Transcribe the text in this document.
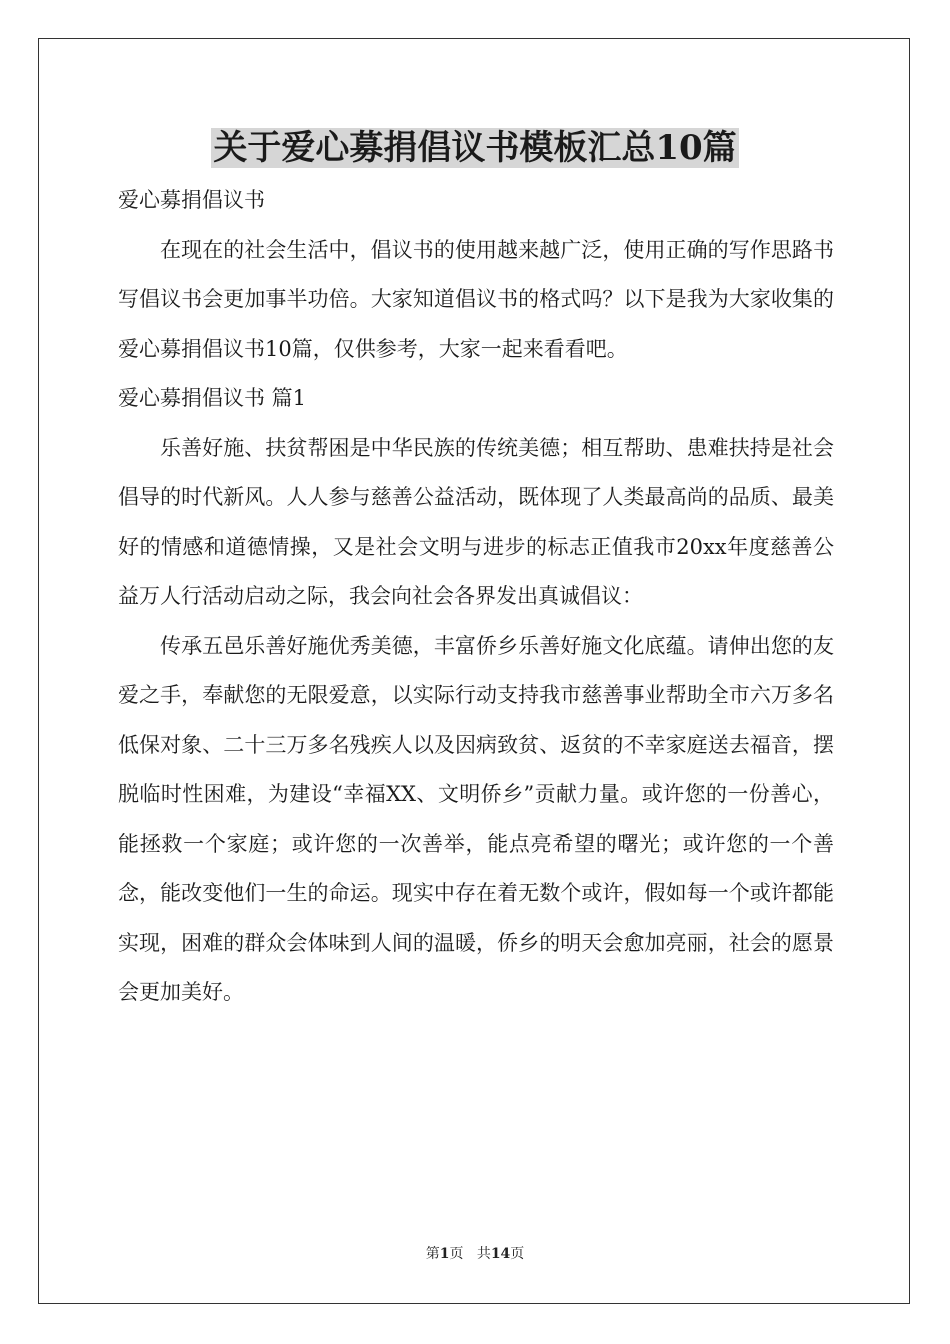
关于爱心募捐倡议书模板汇总10篇

爱心募捐倡议书

在现在的社会生活中，倡议书的使用越来越广泛，使用正确的写作思路书写倡议书会更加事半功倍。大家知道倡议书的格式吗？以下是我为大家收集的爱心募捐倡议书10篇，仅供参考，大家一起来看看吧。

爱心募捐倡议书 篇1

乐善好施、扶贫帮困是中华民族的传统美德；相互帮助、患难扶持是社会倡导的时代新风。人人参与慈善公益活动，既体现了人类最高尚的品质、最美好的情感和道德情操，又是社会文明与进步的标志正值我市20xx年度慈善公益万人行活动启动之际，我会向社会各界发出真诚倡议：

传承五邑乐善好施优秀美德，丰富侨乡乐善好施文化底蕴。请伸出您的友爱之手，奉献您的无限爱意，以实际行动支持我市慈善事业帮助全市六万多名低保对象、二十三万多名残疾人以及因病致贫、返贫的不幸家庭送去福音，摆脱临时性困难，为建设“幸福XX、文明侨乡”贡献力量。或许您的一份善心，能拯救一个家庭；或许您的一次善举，能点亮希望的曙光；或许您的一个善念，能改变他们一生的命运。现实中存在着无数个或许，假如每一个或许都能实现，困难的群众会体味到人间的温暖，侨乡的明天会愈加亮丽，社会的愿景会更加美好。

第1页 共14页
